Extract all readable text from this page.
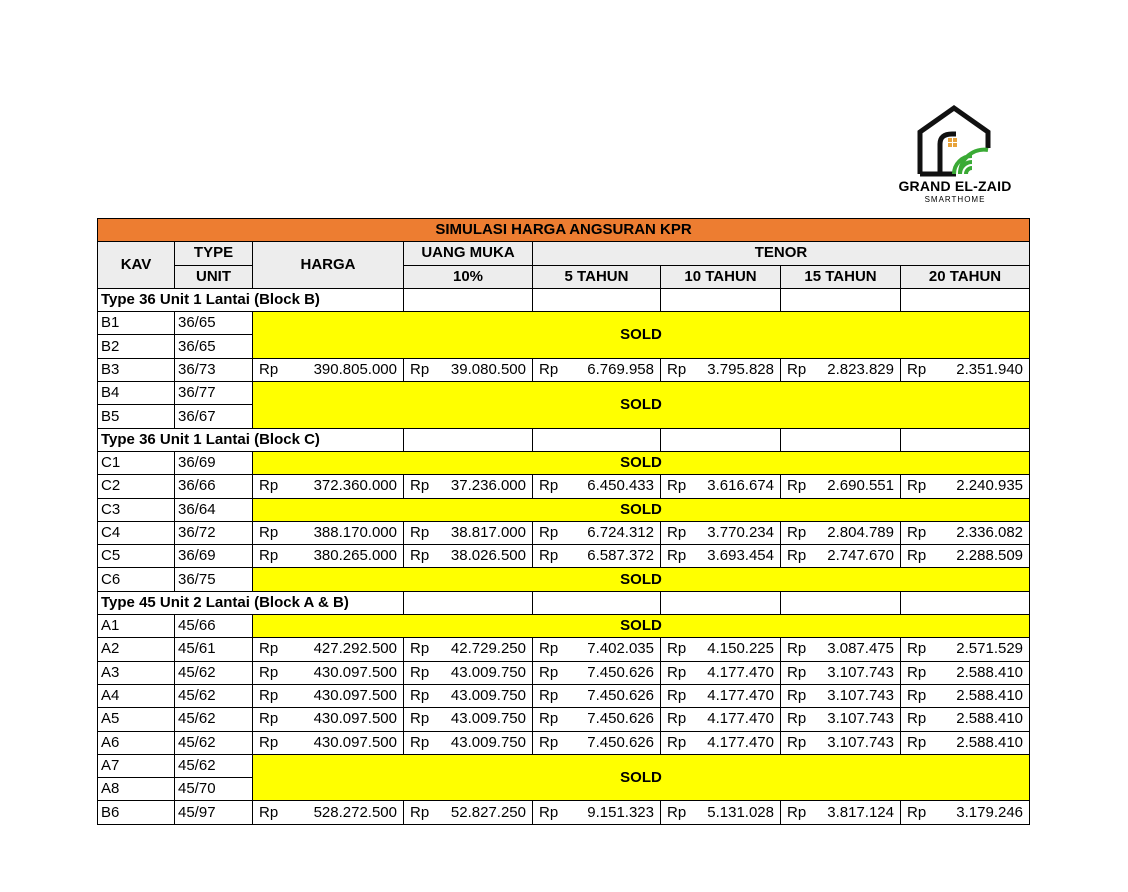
GRAND EL-ZAID
SMARTHOME
SIMULASI HARGA ANGSURAN KPR							
KAV	TYPE	HARGA	UANG MUKA	TENOR			
	UNIT		10%	5 TAHUN	10 TAHUN	15 TAHUN	20 TAHUN
Type 36 Unit 1 Lantai (Block B)							
B1	36/65	SOLD					
B2	36/65						
B3	36/73	Rp 390.805.000	Rp 39.080.500	Rp 6.769.958	Rp 3.795.828	Rp 2.823.829	Rp 2.351.940

B4	36/77	SOLD					
B5	36/67						
Type 36 Unit 1 Lantai (Block C)							
C1	36/69	SOLD					
C2	36/66	Rp 372.360.000	Rp 37.236.000	Rp 6.450.433	Rp 3.616.674	Rp 2.690.551	Rp 2.240.935

C3	36/64	SOLD					
C4	36/72	Rp 388.170.000	Rp 38.817.000	Rp 6.724.312	Rp 3.770.234	Rp 2.804.789	Rp 2.336.082

C5	36/69	Rp 380.265.000	Rp 38.026.500	Rp 6.587.372	Rp 3.693.454	Rp 2.747.670	Rp 2.288.509

C6	36/75	SOLD					
Type 45 Unit 2 Lantai (Block A & B)							
A1	45/66	SOLD					
A2	45/61	Rp 427.292.500	Rp 42.729.250	Rp 7.402.035	Rp 4.150.225	Rp 3.087.475	Rp 2.571.529

A3	45/62	Rp 430.097.500	Rp 43.009.750	Rp 7.450.626	Rp 4.177.470	Rp 3.107.743	Rp 2.588.410

A4	45/62	Rp 430.097.500	Rp 43.009.750	Rp 7.450.626	Rp 4.177.470	Rp 3.107.743	Rp 2.588.410

A5	45/62	Rp 430.097.500	Rp 43.009.750	Rp 7.450.626	Rp 4.177.470	Rp 3.107.743	Rp 2.588.410

A6	45/62	Rp 430.097.500	Rp 43.009.750	Rp 7.450.626	Rp 4.177.470	Rp 3.107.743	Rp 2.588.410

A7	45/62	SOLD					
A8	45/70						
B6	45/97	Rp 528.272.500	Rp 52.827.250	Rp 9.151.323	Rp 5.131.028	Rp 3.817.124	Rp 3.179.246
